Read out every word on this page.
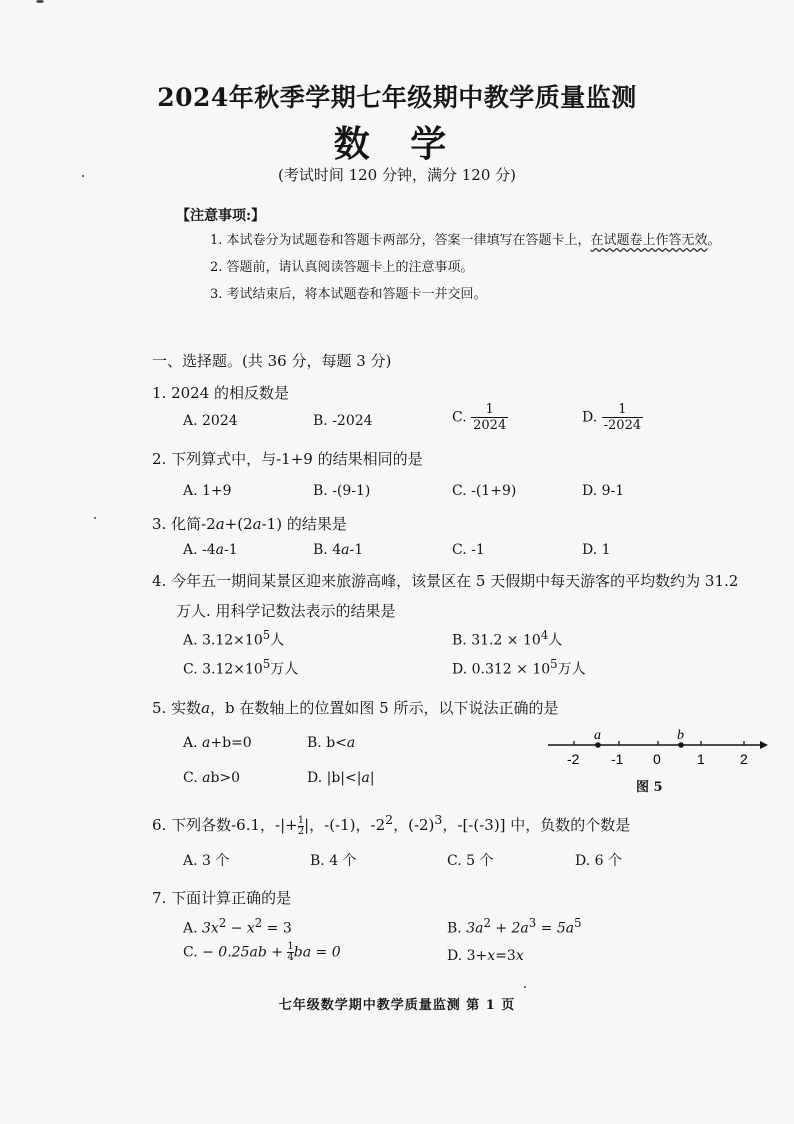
2024年秋季学期七年级期中教学质量监测
数 学
(考试时间 120 分钟，满分 120 分)
【注意事项:】
1. 本试卷分为试题卷和答题卡两部分，答案一律填写在答题卡上，在试题卷上作答无效。
2. 答题前，请认真阅读答题卡上的注意事项。
3. 考试结束后，将本试题卷和答题卡一并交回。
一、选择题。(共 36 分，每题 3 分)
1. 2024 的相反数是
A. 2024	B. -2024	C. $\frac{1}{2024}$	D. $\frac{1}{-2024}$
2. 下列算式中，与-1+9 的结果相同的是
A. 1+9	B. -(9-1)	C. -(1+9)	D. 9-1
3. 化简-2a+(2a-1) 的结果是
A. -4a-1	B. 4a-1	C. -1	D. 1
4. 今年五一期间某景区迎来旅游高峰，该景区在 5 天假期中每天游客的平均数约为 31.2
万人. 用科学记数法表示的结果是
A. $3.12\times 10^5$人	B. $31.2 \times 10^4$人
C. $3.12\times 10^5$万人	D. $0.312 \times 10^5$万人
5. 实数a，b 在数轴上的位置如图 5 所示，以下说法正确的是
A. a+b=0	B. b<a
C. ab>0	D. |b|<|a|
a	b
-2 -1 0	1	2
图 5
6. 下列各数-6.1，-|+ $\frac{1}{2}$ |，-(-1)，$-2^2$，$(-2)^3$，-[-(-3)] 中，负数的个数是
A. 3 个	B. 4 个	C. 5 个	D. 6 个
7. 下面计算正确的是
A. $3x^2 - x^2 = 3$	B. $3a^2 + 2a^3 = 5a^5$
C. − $0.25ab + \frac{1}{4}$ ba = 0	D. 3+x=3x
七年级数学期中教学质量监测 第 1 页
